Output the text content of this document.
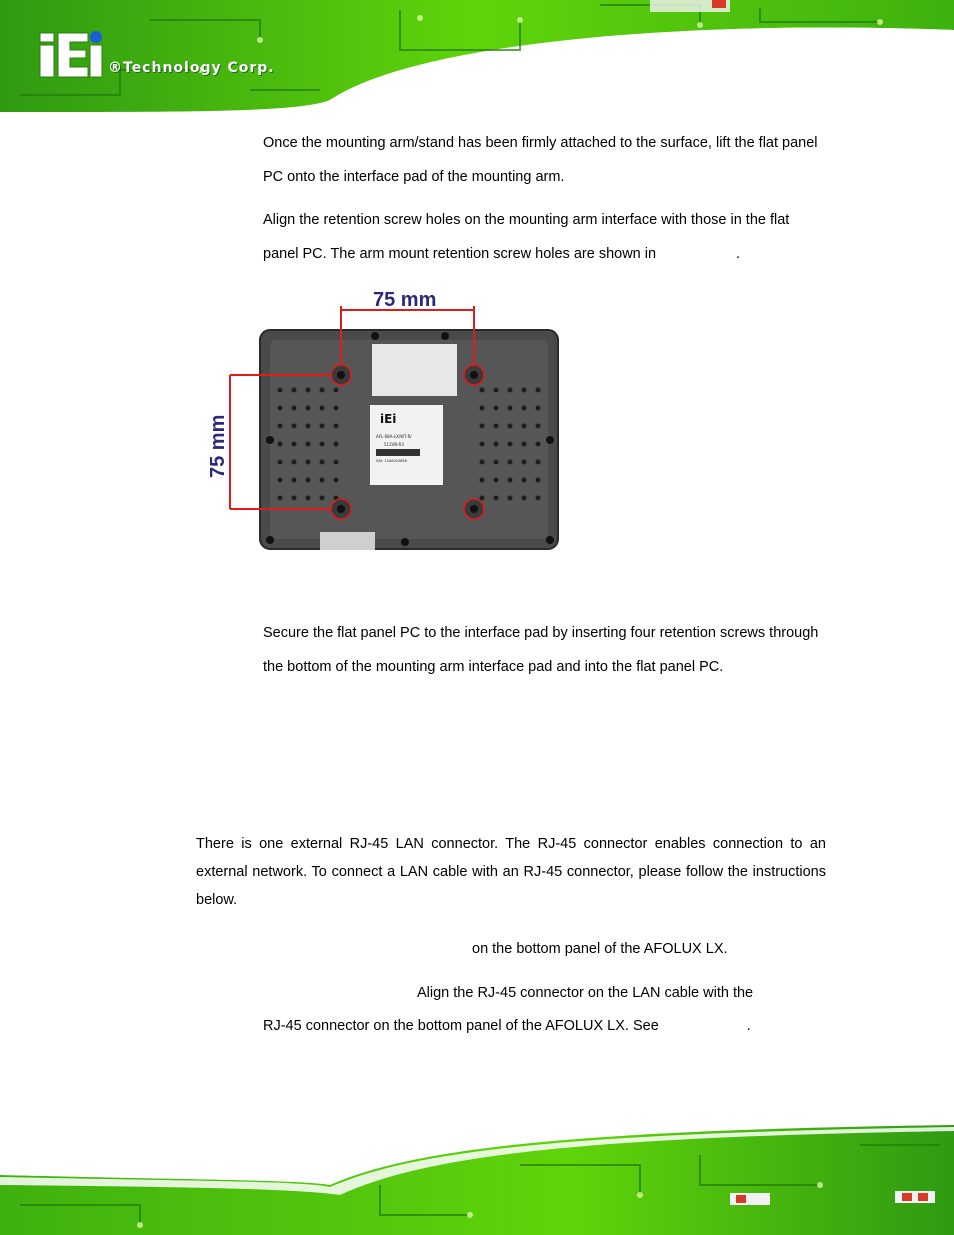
®Technology Corp.

Once the mounting arm/stand has been firmly attached to the surface, lift the flat panel PC onto the interface pad of the mounting arm.

Align the retention screw holes on the mounting arm interface with those in the flat panel PC. The arm mount retention screw holes are shown in	.

iEi
AFL-08A-LX/WT-R/
512VB-R3
S/N: 13A000365B
75 mm
75 mm

Secure the flat panel PC to the interface pad by inserting four retention screws through the bottom of the mounting arm interface pad and into the flat panel PC.

There is one external RJ-45 LAN connector. The RJ-45 connector enables connection to an external network. To connect a LAN cable with an RJ-45 connector, please follow the instructions below.

on the bottom panel of the AFOLUX LX.

Align the RJ-45 connector on the LAN cable with the

RJ-45 connector on the bottom panel of the AFOLUX LX. See	.
